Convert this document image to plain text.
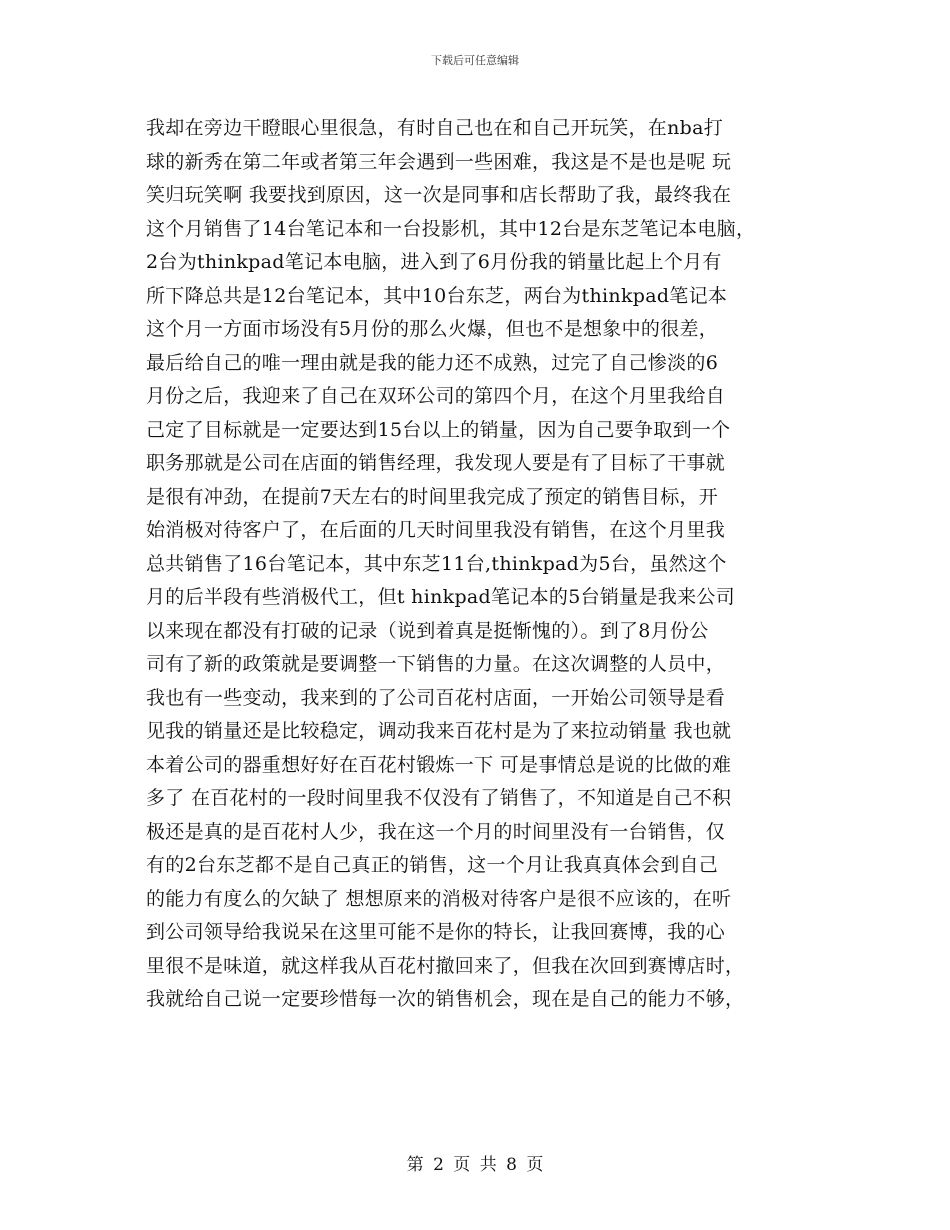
下载后可任意编辑
我却在旁边干瞪眼心里很急，有时自己也在和自己开玩笑，在nba打
球的新秀在第二年或者第三年会遇到一些困难，我这是不是也是呢 玩
笑归玩笑啊 我要找到原因，这一次是同事和店长帮助了我，最终我在
这个月销售了14台笔记本和一台投影机，其中12台是东芝笔记本电脑，
2台为thinkpad笔记本电脑，进入到了6月份我的销量比起上个月有
所下降总共是12台笔记本，其中10台东芝，两台为thinkpad笔记本
这个月一方面市场没有5月份的那么火爆，但也不是想象中的很差，
最后给自己的唯一理由就是我的能力还不成熟，过完了自己惨淡的6
月份之后，我迎来了自己在双环公司的第四个月，在这个月里我给自
己定了目标就是一定要达到15台以上的销量，因为自己要争取到一个
职务那就是公司在店面的销售经理，我发现人要是有了目标了干事就
是很有冲劲，在提前7天左右的时间里我完成了预定的销售目标，开
始消极对待客户了，在后面的几天时间里我没有销售，在这个月里我
总共销售了16台笔记本，其中东芝11台,thinkpad为5台，虽然这个
月的后半段有些消极代工，但t hinkpad笔记本的5台销量是我来公司
以来现在都没有打破的记录（说到着真是挺惭愧的）。到了8月份公
司有了新的政策就是要调整一下销售的力量。在这次调整的人员中，
我也有一些变动，我来到的了公司百花村店面，一开始公司领导是看
见我的销量还是比较稳定，调动我来百花村是为了来拉动销量 我也就
本着公司的器重想好好在百花村锻炼一下 可是事情总是说的比做的难
多了 在百花村的一段时间里我不仅没有了销售了，不知道是自己不积
极还是真的是百花村人少，我在这一个月的时间里没有一台销售，仅
有的2台东芝都不是自己真正的销售，这一个月让我真真体会到自己
的能力有度么的欠缺了 想想原来的消极对待客户是很不应该的，在听
到公司领导给我说呆在这里可能不是你的特长，让我回赛博，我的心
里很不是味道，就这样我从百花村撤回来了，但我在次回到赛博店时，
我就给自己说一定要珍惜每一次的销售机会，现在是自己的能力不够，
第 2 页 共 8 页
